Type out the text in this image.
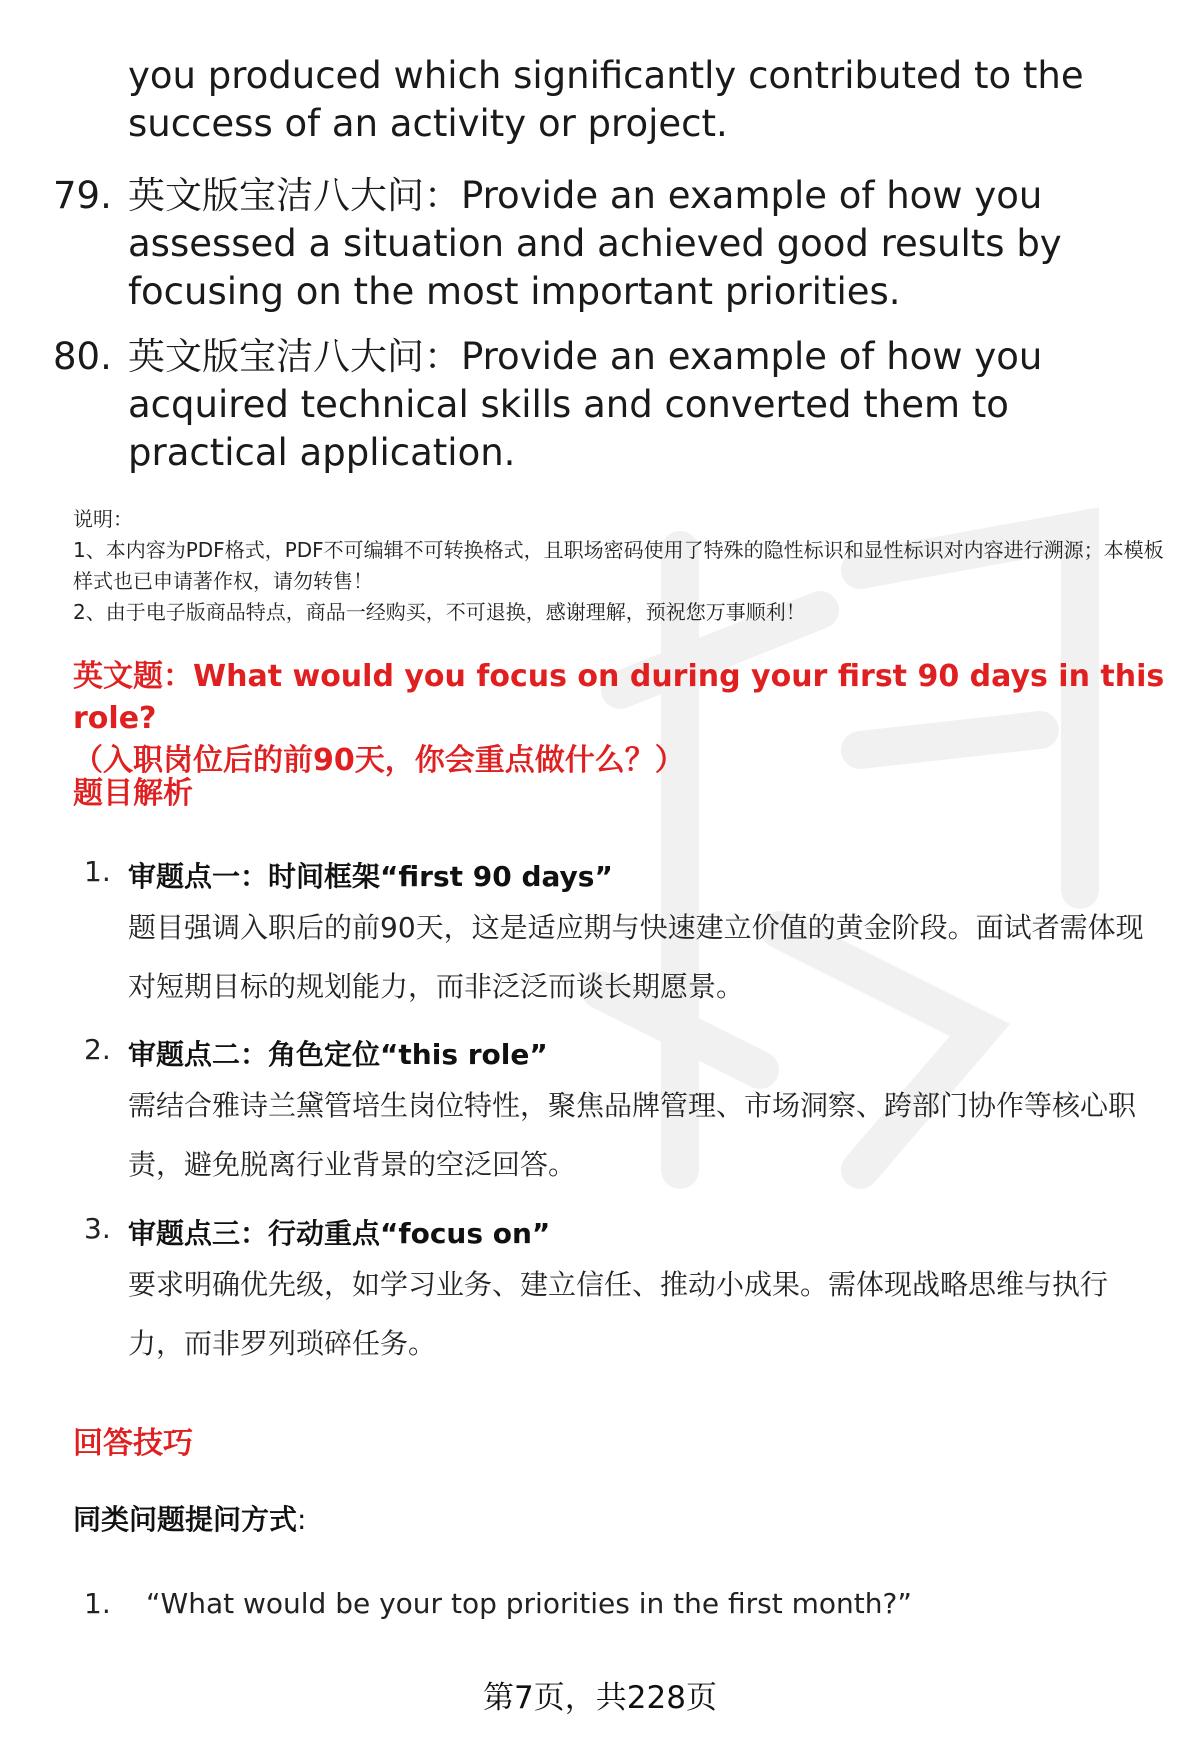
you produced which significantly contributed to the success of an activity or project.
79. 英文版宝洁八大问：Provide an example of how you assessed a situation and achieved good results by focusing on the most important priorities.
80. 英文版宝洁八大问：Provide an example of how you acquired technical skills and converted them to practical application.
说明：
1、本内容为PDF格式，PDF不可编辑不可转换格式，且职场密码使用了特殊的隐性标识和显性标识对内容进行溯源；本模板样式也已申请著作权，请勿转售！
2、由于电子版商品特点，商品一经购买，不可退换，感谢理解，预祝您万事顺利！
英文题：What would you focus on during your first 90 days in this role?
（入职岗位后的前90天，你会重点做什么？）
题目解析
1. 审题点一：时间框架“first 90 days”
题目强调入职后的前90天，这是适应期与快速建立价值的黄金阶段。面试者需体现对短期目标的规划能力，而非泛泛而谈长期愿景。
2. 审题点二：角色定位“this role”
需结合雅诗兰黛管培生岗位特性，聚焦品牌管理、市场洞察、跨部门协作等核心职责，避免脱离行业背景的空泛回答。
3. 审题点三：行动重点“focus on”
要求明确优先级，如学习业务、建立信任、推动小成果。需体现战略思维与执行力，而非罗列琐碎任务。
回答技巧
同类问题提问方式:
1. “What would be your top priorities in the first month?”
第7页，共228页
